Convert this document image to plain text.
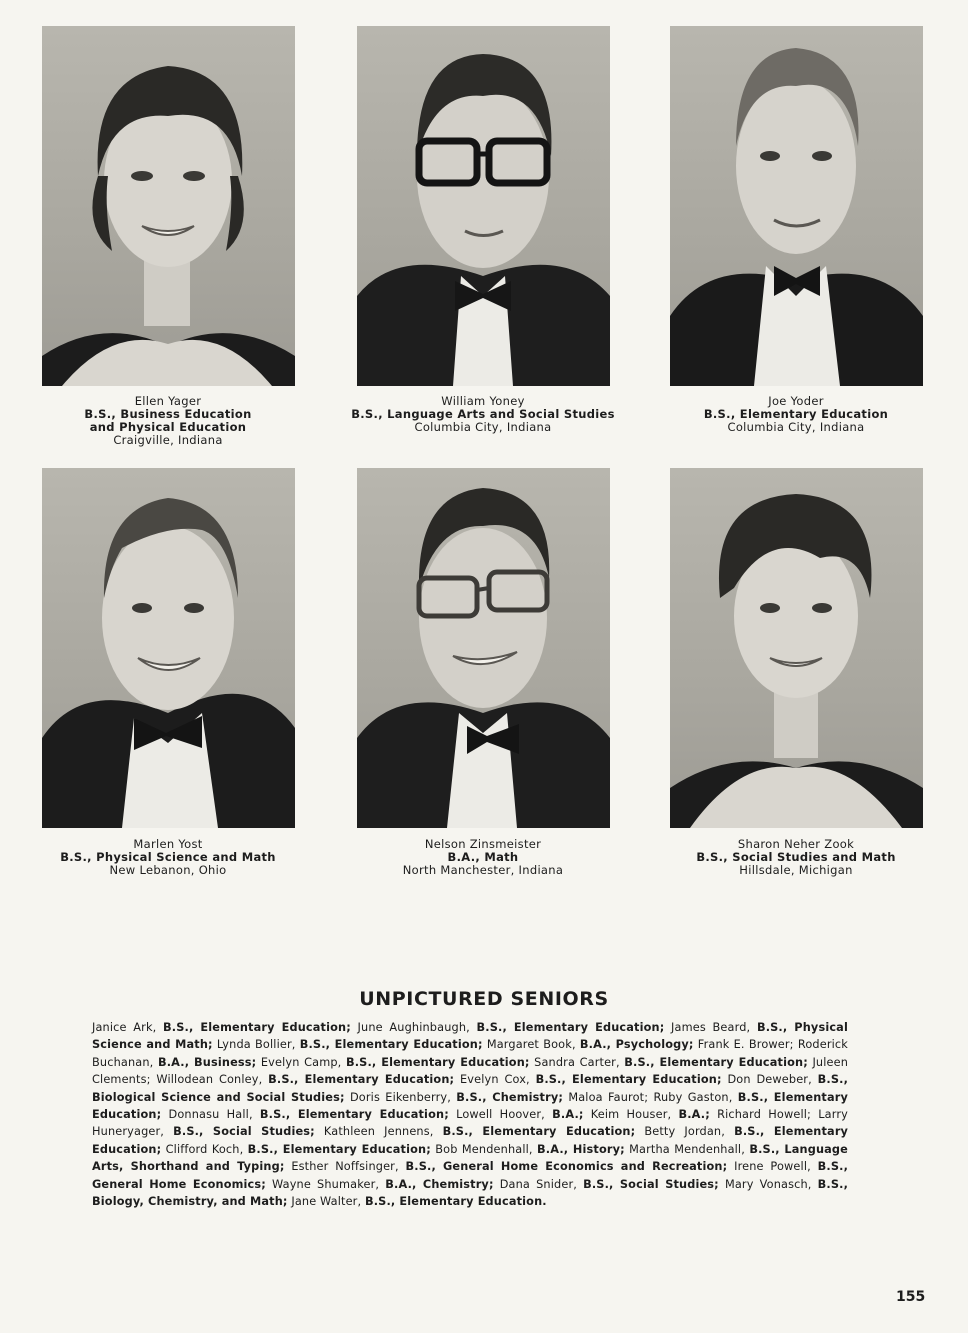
Ellen Yager
B.S., Business Education and Physical Education
Craigville, Indiana
William Yoney
B.S., Language Arts and Social Studies
Columbia City, Indiana
Joe Yoder
B.S., Elementary Education
Columbia City, Indiana
Marlen Yost
B.S., Physical Science and Math
New Lebanon, Ohio
Nelson Zinsmeister
B.A., Math
North Manchester, Indiana
Sharon Neher Zook
B.S., Social Studies and Math
Hillsdale, Michigan
UNPICTURED SENIORS
Janice Ark, B.S., Elementary Education; June Aughinbaugh, B.S., Elementary Education; James Beard, B.S., Physical Science and Math; Lynda Bollier, B.S., Elementary Education; Margaret Book, B.A., Psychology; Frank E. Brower; Roderick Buchanan, B.A., Business; Evelyn Camp, B.S., Elementary Education; Sandra Carter, B.S., Elementary Education; Juleen Clements; Willodean Conley, B.S., Elementary Education; Evelyn Cox, B.S., Elementary Education; Don Deweber, B.S., Biological Science and Social Studies; Doris Eikenberry, B.S., Chemistry; Maloa Faurot; Ruby Gaston, B.S., Elementary Education; Donnasu Hall, B.S., Elementary Education; Lowell Hoover, B.A.; Keim Houser, B.A.; Richard Howell; Larry Huneryager, B.S., Social Studies; Kathleen Jennens, B.S., Elementary Education; Betty Jordan, B.S., Elementary Education; Clifford Koch, B.S., Elementary Education; Bob Mendenhall, B.A., History; Martha Mendenhall, B.S., Language Arts, Shorthand and Typing; Esther Noffsinger, B.S., General Home Economics and Recreation; Irene Powell, B.S., General Home Economics; Wayne Shumaker, B.A., Chemistry; Dana Snider, B.S., Social Studies; Mary Vonasch, B.S., Biology, Chemistry, and Math; Jane Walter, B.S., Elementary Education.
155
